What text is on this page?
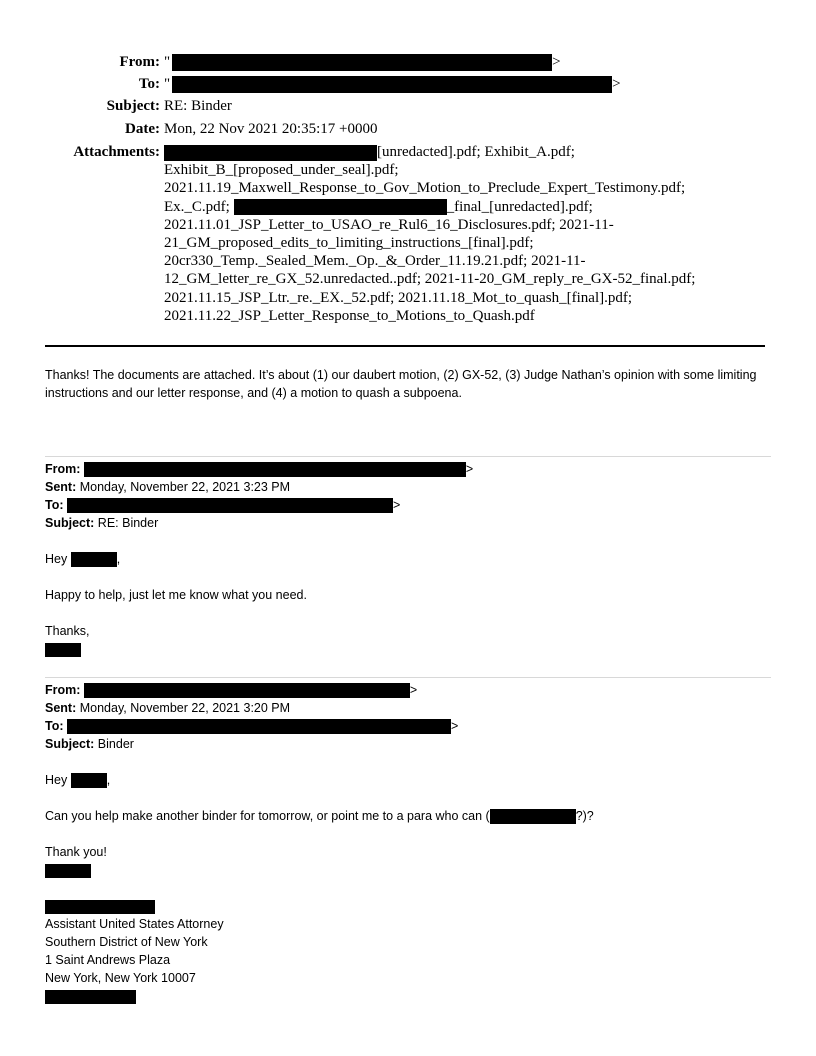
From: "	>
To: "	>
Subject: RE: Binder
Date: Mon, 22 Nov 2021 20:35:17 +0000
Attachments:	[unredacted].pdf; Exhibit_A.pdf;
Exhibit_B_[proposed_under_seal].pdf;
2021.11.19_Maxwell_Response_to_Gov_Motion_to_Preclude_Expert_Testimony.pdf;
Ex._C.pdf;	_final_[unredacted].pdf;
2021.11.01_JSP_Letter_to_USAO_re_Rul6_16_Disclosures.pdf; 2021-11-
21_GM_proposed_edits_to_limiting_instructions_[final].pdf;
20cr330_Temp._Sealed_Mem._Op._&_Order_11.19.21.pdf; 2021-11-
12_GM_letter_re_GX_52.unredacted..pdf; 2021-11-20_GM_reply_re_GX-52_final.pdf;
2021.11.15_JSP_Ltr._re._EX._52.pdf; 2021.11.18_Mot_to_quash_[final].pdf;
2021.11.22_JSP_Letter_Response_to_Motions_to_Quash.pdf
Thanks! The documents are attached. It’s about (1) our daubert motion, (2) GX-52, (3) Judge Nathan’s opinion with some limiting instructions and our letter response, and (4) a motion to quash a subpoena.
From:	>
Sent: Monday, November 22, 2021 3:23 PM
To:	>
Subject: RE: Binder
Hey	,
Happy to help, just let me know what you need.
Thanks,
From:	>
Sent: Monday, November 22, 2021 3:20 PM
To:	>
Subject: Binder
Hey	,
Can you help make another binder for tomorrow, or point me to a para who can (	?)?
Thank you!
Assistant United States Attorney
Southern District of New York
1 Saint Andrews Plaza
New York, New York 10007
